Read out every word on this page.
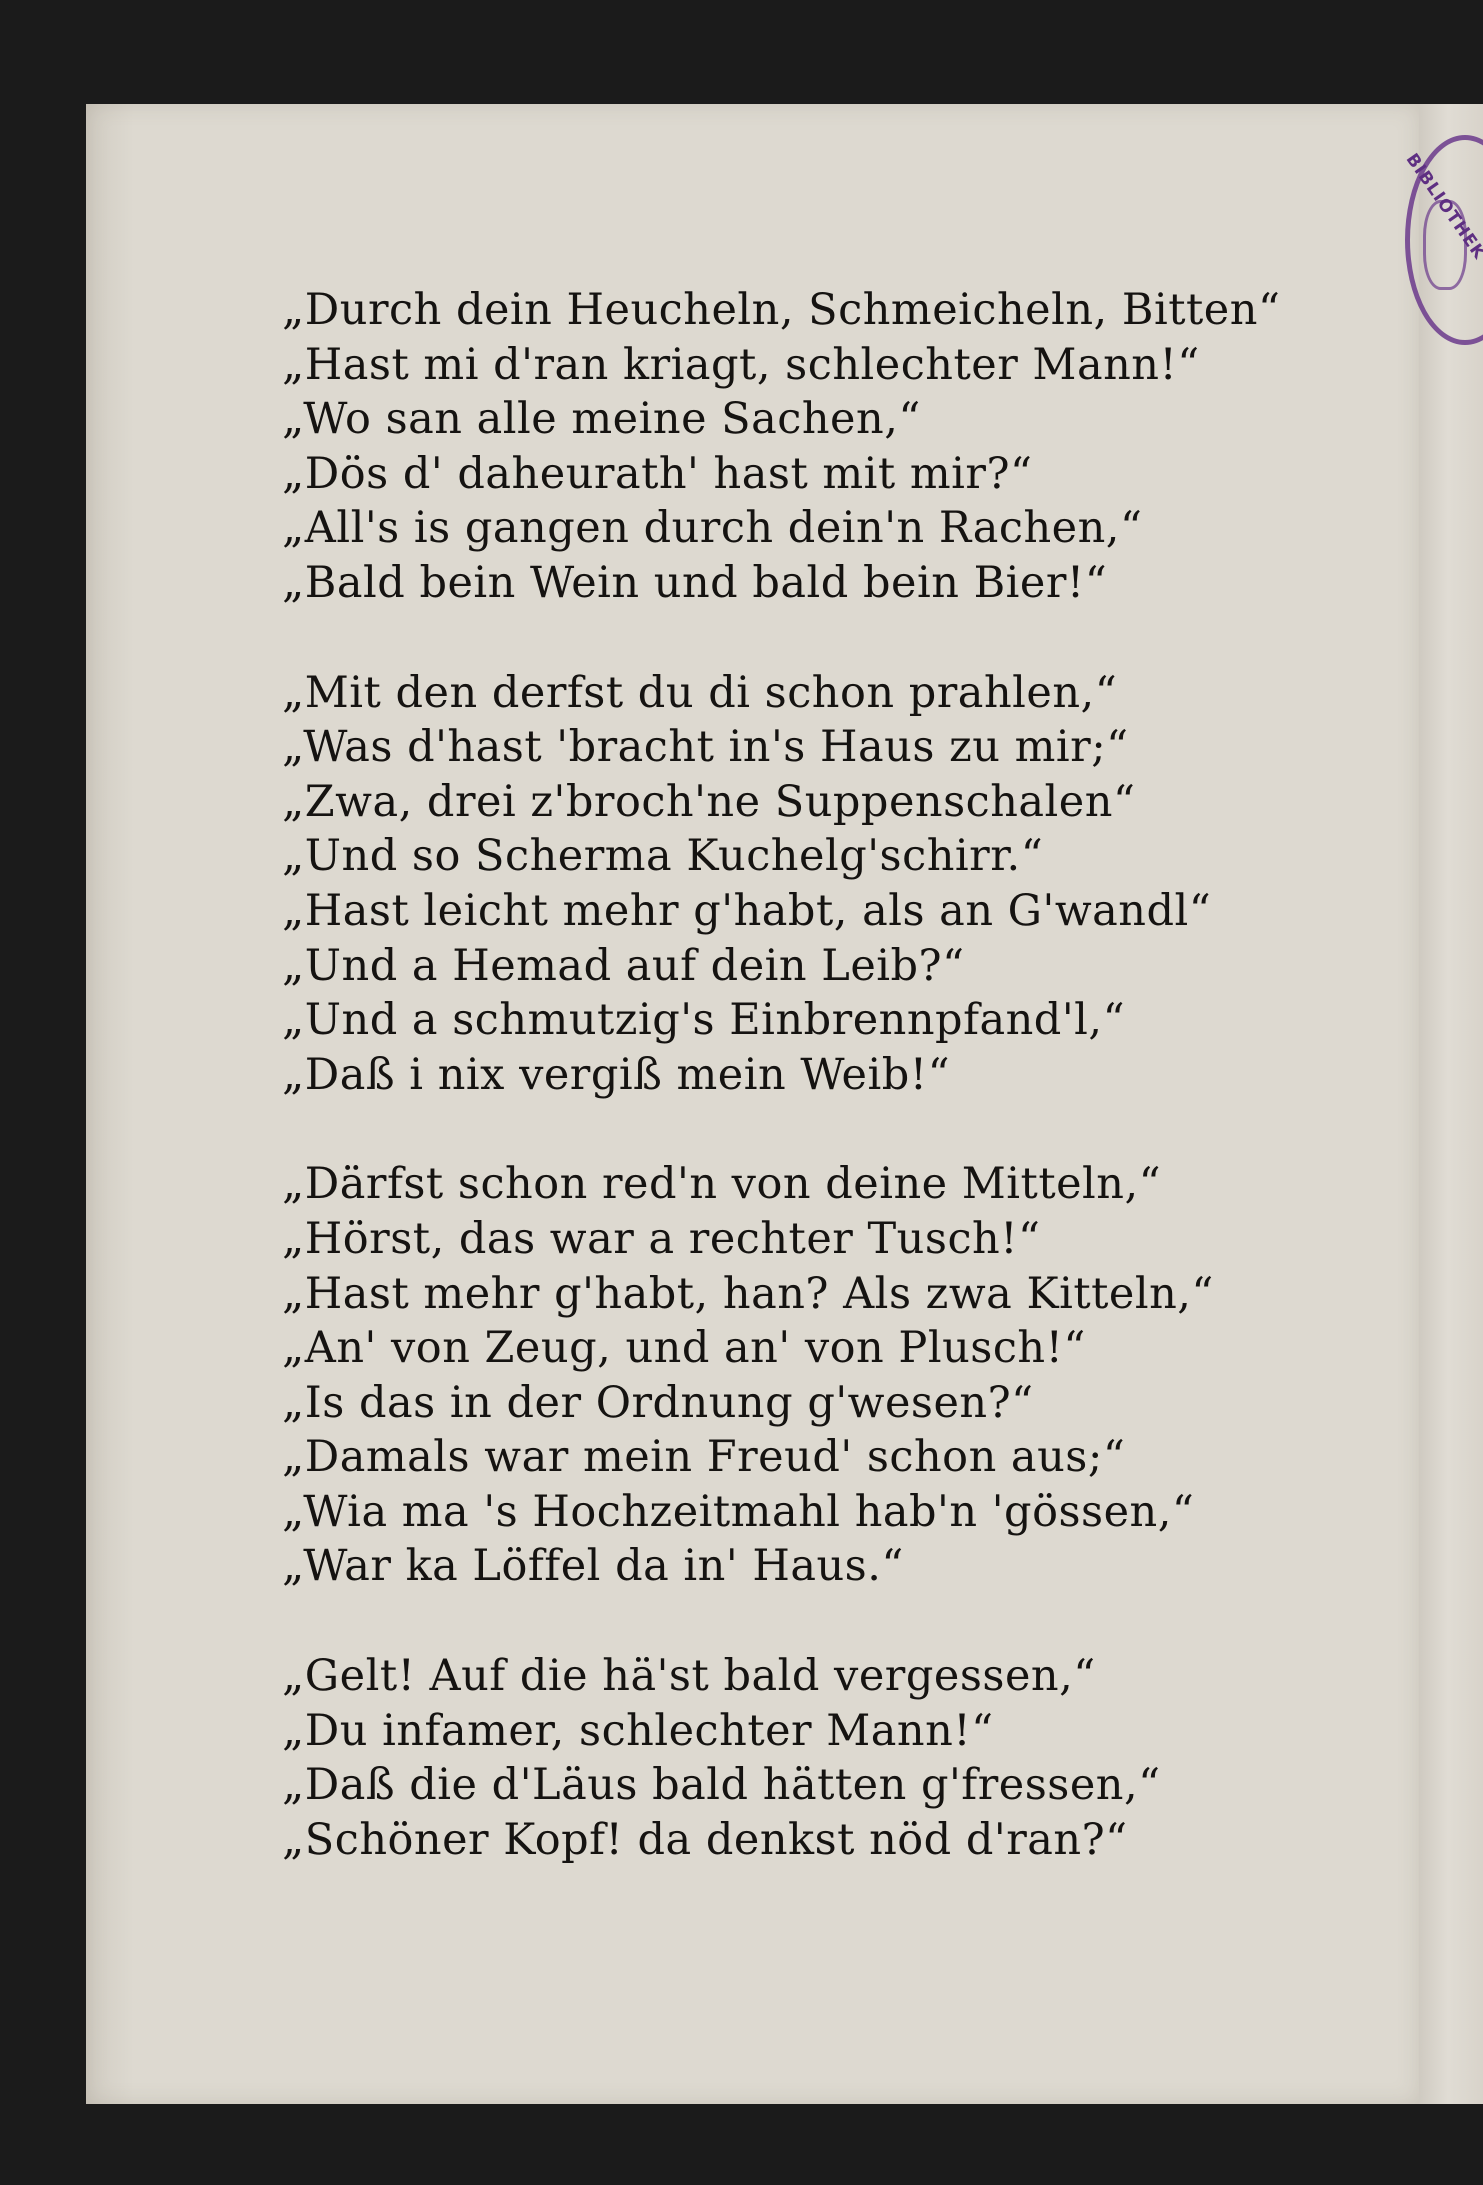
„Durch dein Heucheln, Schmeicheln, Bitten“
„Hast mi d'ran kriagt, schlechter Mann!“
„Wo san alle meine Sachen,“
„Dös d' daheurath' hast mit mir?“
„All's is gangen durch dein'n Rachen,“
„Bald bein Wein und bald bein Bier!“
„Mit den derfst du di schon prahlen,“
„Was d'hast 'bracht in's Haus zu mir;“
„Zwa, drei z'broch'ne Suppenschalen“
„Und so Scherma Kuchelg'schirr.“
„Hast leicht mehr g'habt, als an G'wandl“
„Und a Hemad auf dein Leib?“
„Und a schmutzig's Einbrennpfand'l,“
„Daß i nix vergiß mein Weib!“
„Därfst schon red'n von deine Mitteln,“
„Hörst, das war a rechter Tusch!“
„Hast mehr g'habt, han? Als zwa Kitteln,“
„An' von Zeug, und an' von Plusch!“
„Is das in der Ordnung g'wesen?“
„Damals war mein Freud' schon aus;“
„Wia ma 's Hochzeitmahl hab'n 'gössen,“
„War ka Löffel da in' Haus.“
„Gelt! Auf die hä'st bald vergessen,“
„Du infamer, schlechter Mann!“
„Daß die d'Läus bald hätten g'fressen,“
„Schöner Kopf! da denkst nöd d'ran?“
